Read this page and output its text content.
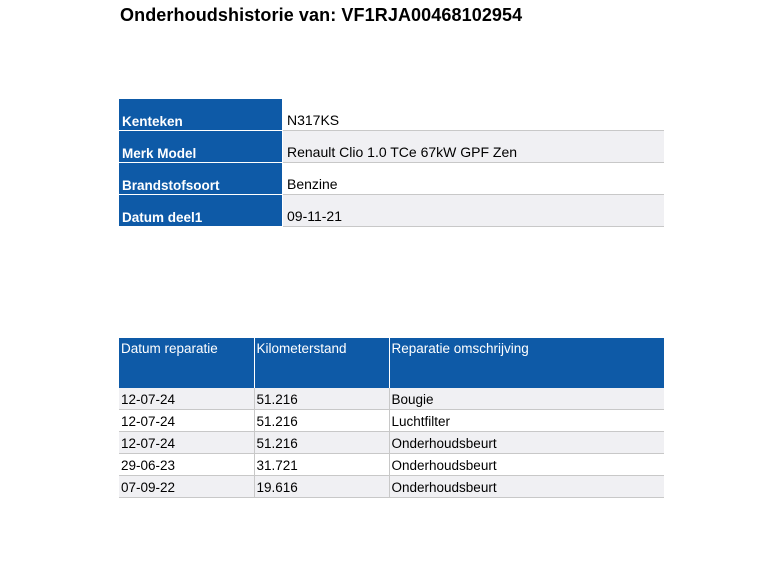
Onderhoudshistorie van: VF1RJA00468102954
Kenteken	N317KS
Merk Model	Renault Clio 1.0 TCe 67kW GPF Zen
Brandstofsoort	Benzine
Datum deel1	09-11-21
Datum reparatie	Kilometerstand	Reparatie omschrijving
12-07-24	51.216	Bougie
12-07-24	51.216	Luchtfilter
12-07-24	51.216	Onderhoudsbeurt
29-06-23	31.721	Onderhoudsbeurt
07-09-22	19.616	Onderhoudsbeurt
